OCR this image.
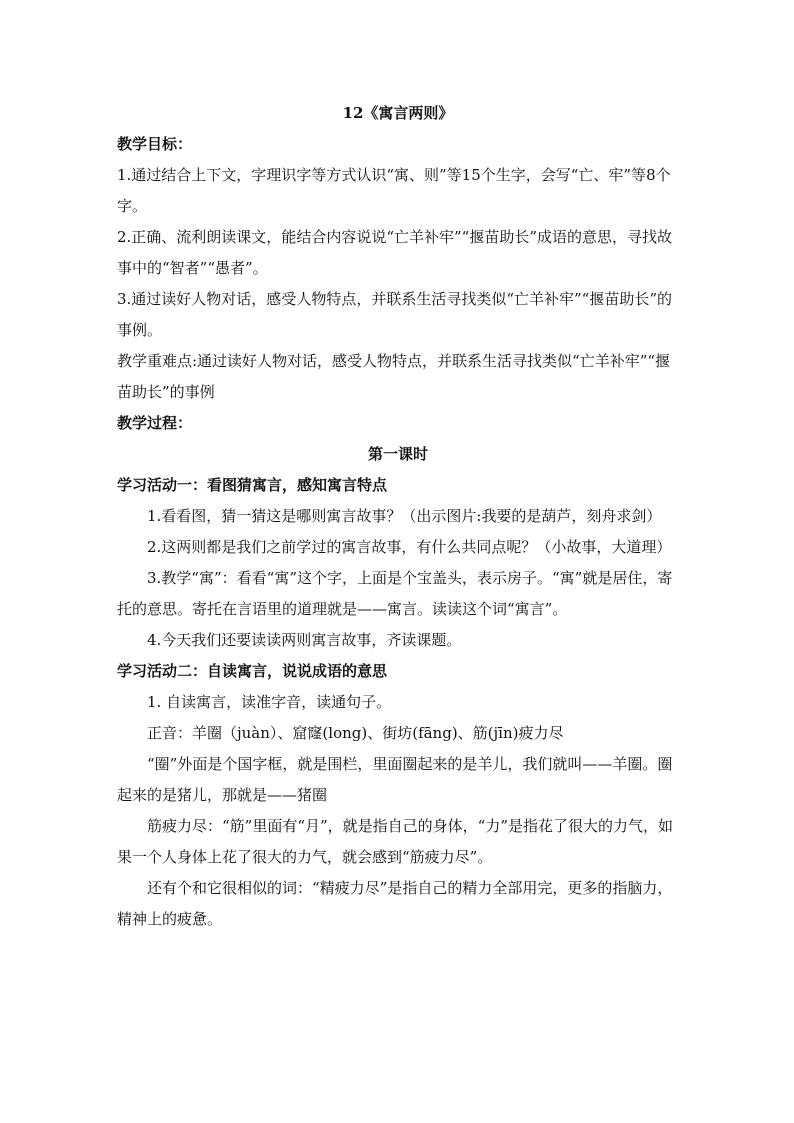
12《寓言两则》

教学目标：

1.通过结合上下文，字理识字等方式认识“寓、则”等15个生字，会写“亡、牢”等8个字。

2.正确、流利朗读课文，能结合内容说说“亡羊补牢”“揠苗助长”成语的意思，寻找故事中的“智者”“愚者”。

3.通过读好人物对话，感受人物特点，并联系生活寻找类似“亡羊补牢”“揠苗助长”的事例。

教学重难点:通过读好人物对话，感受人物特点，并联系生活寻找类似“亡羊补牢”“揠苗助长”的事例

教学过程：

第一课时

学习活动一：看图猜寓言，感知寓言特点

1.看看图，猜一猜这是哪则寓言故事？（出示图片:我要的是葫芦，刻舟求剑）

2.这两则都是我们之前学过的寓言故事，有什么共同点呢？（小故事，大道理）

3.教学“寓”：看看“寓”这个字，上面是个宝盖头，表示房子。“寓”就是居住，寄托的意思。寄托在言语里的道理就是——寓言。读读这个词“寓言”。

4.今天我们还要读读两则寓言故事，齐读课题。

学习活动二：自读寓言，说说成语的意思

1. 自读寓言，读准字音，读通句子。

正音：羊圈（juàn）、窟窿(long)、街坊(fāng)、筋(jīn)疲力尽

“圈”外面是个国字框，就是围栏，里面圈起来的是羊儿，我们就叫——羊圈。圈起来的是猪儿，那就是——猪圈

筋疲力尽：“筋”里面有“月”，就是指自己的身体，“力”是指花了很大的力气，如果一个人身体上花了很大的力气，就会感到“筋疲力尽”。

还有个和它很相似的词：“精疲力尽”是指自己的精力全部用完，更多的指脑力，精神上的疲惫。
